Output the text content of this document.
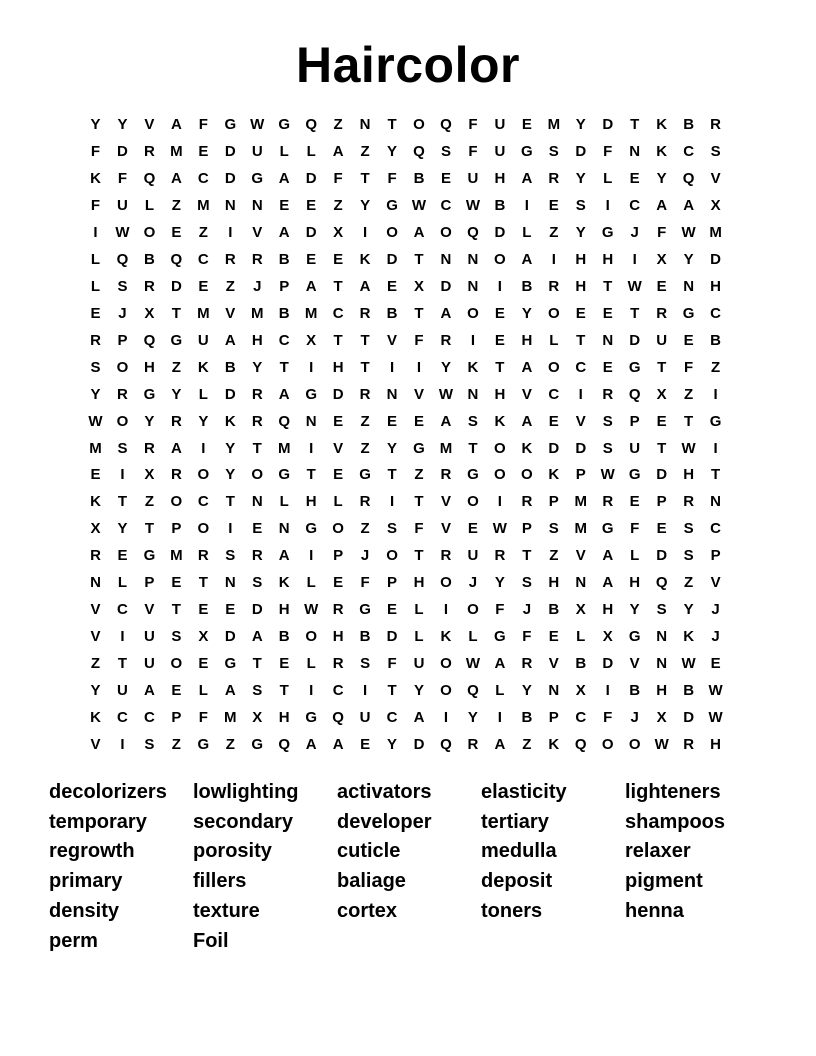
Haircolor
Y	Y	V	A	F	G W G	Q	Z	N	T	O	Q	F	U	E	M	Y	D	T	K	B	R
F	D	R	M	E	D	U	L	L	A	Z	Y	Q	S	F	U	G	S	D	F	N	K	C	S
K	F	Q	A	C	D	G	A	D	F	T	F	B	E	U	H	A	R	Y	L	E	Y	Q	V
F	U	L	Z	M	N	N	E	E	Z	Y	G W C W B	I	E	S	I	C	A	A	X
I	W O	E	Z	I	V	A	D	X	I	O	A	O	Q	D	L	Z	Y	G	J	F	W M
L	Q	B	Q	C	R	R	B	E	E	K	D	T	N	N	O	A	I	H	H	I	X	Y	D
L	S	R	D	E	Z	J	P	A	T	A	E	X	D	N	I	B	R	H	T	W E	N	H
E	J	X	T	M	V	M	B	M	C	R	B	T	A	O	E	Y	O	E	E	T	R	G	C
R	P	Q	G	U	A	H	C	X	T	T	V	F	R	I	E	H	L	T	N	D	U	E	B
S	O	H	Z	K	B	Y	T	I	H	T	I	I	Y	K	T	A	O	C	E	G	T	F	Z
Y	R	G	Y	L	D	R	A	G	D	R	N	V W N	H	V	C	I	R	Q	X	Z	I
W O	Y	R	Y	K	R	Q	N	E	Z	E	E	A	S	K	A	E	V	S	P	E	T	G
M	S	R	A	I	Y	T	M	I	V	Z	Y	G M	T	O	K	D	D	S	U	T	W	I
E	I	X	R	O	Y	O	G	T	E	G	T	Z	R	G	O	O	K	P W G	D	H	T
K	T	Z	O	C	T	N	L	H	L	R	I	T	V	O	I	R	P	M	R	E	P	R	N
X	Y	T	P	O	I	E	N	G	O	Z	S	F	V	E W P	S	M G	F	E	S	C
R	E	G M	R	S	R	A	I	P	J	O	T	R	U	R	T	Z	V	A	L	D	S	P
N	L	P	E	T	N	S	K	L	E	F	P	H	O	J	Y	S	H	N	A	H	Q	Z	V
V	C	V	T	E	E	D	H W R	G	E	L	I	O	F	J	B	X	H	Y	S	Y	J
V	I	U	S	X	D	A	B	O	H	B	D	L	K	L	G	F	E	L	X	G	N	K	J
Z	T	U	O	E	G	T	E	L	R	S	F	U	O W A	R	V	B	D	V	N W E
Y	U	A	E	L	A	S	T	I	C	I	T	Y	O	Q	L	Y	N	X	I	B	H	B W
K	C	C	P	F	M	X	H	G	Q	U	C	A	I	Y	I	B	P	C	F	J	X	D W
V	I	S	Z	G	Z	G	Q	A	A	E	Y	D	Q	R	A	Z	K	Q	O	O W R	H
decolorizers
temporary
regrowth
primary
density
perm
lowlighting
secondary
porosity
fillers
texture
Foil
activators
developer
cuticle
baliage
cortex
elasticity
tertiary
medulla
deposit
toners
lighteners
shampoos
relaxer
pigment
henna
